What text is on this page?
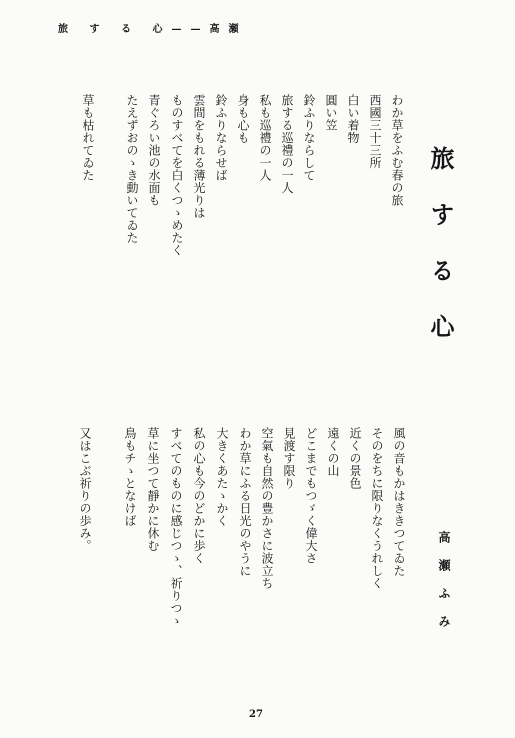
旅 す る 心——高瀬
旅する心
高瀬ふみ
風の音もかはききつてゐた
そのをちに限りなくうれしく
近くの景色
遠くの山
どこまでもつゞく偉大さ
見渡す限り
空氣も自然の豊かさに波立ち
わか草にふる日光のやうに
大きくあたゝかく
私の心も今のどかに歩く
すべてのものに感じつゝ、祈りつゝ
草に坐つて靜かに休む
鳥もチゝとなけば
又はこぶ祈りの歩み。
わか草をふむ春の旅
西國三十三所
白い着物
圓い笠
鈴ふりならして
旅する巡禮の一人
私も巡禮の一人
身も心も
鈴ふりならせば
雲間をもれる薄光りは
ものすべてを白くつゝめたく
青ぐろい池の水面も
たえずおのゝき動いてゐた
草も枯れてゐた
27
